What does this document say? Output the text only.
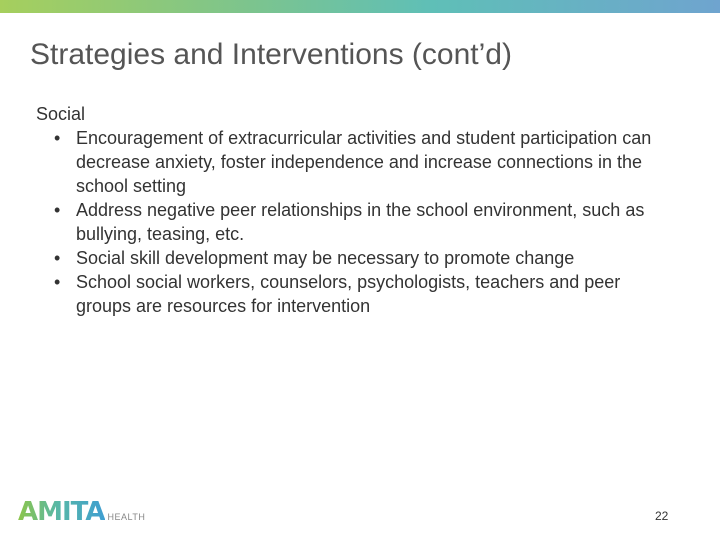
Strategies and Interventions (cont’d)

Social

• Encouragement of extracurricular activities and student participation can decrease anxiety, foster independence and increase connections in the school setting
• Address negative peer relationships in the school environment, such as bullying, teasing, etc.
• Social skill development may be necessary to promote change
• School social workers, counselors, psychologists, teachers and peer groups are resources for intervention
AMITA HEALTH	22
